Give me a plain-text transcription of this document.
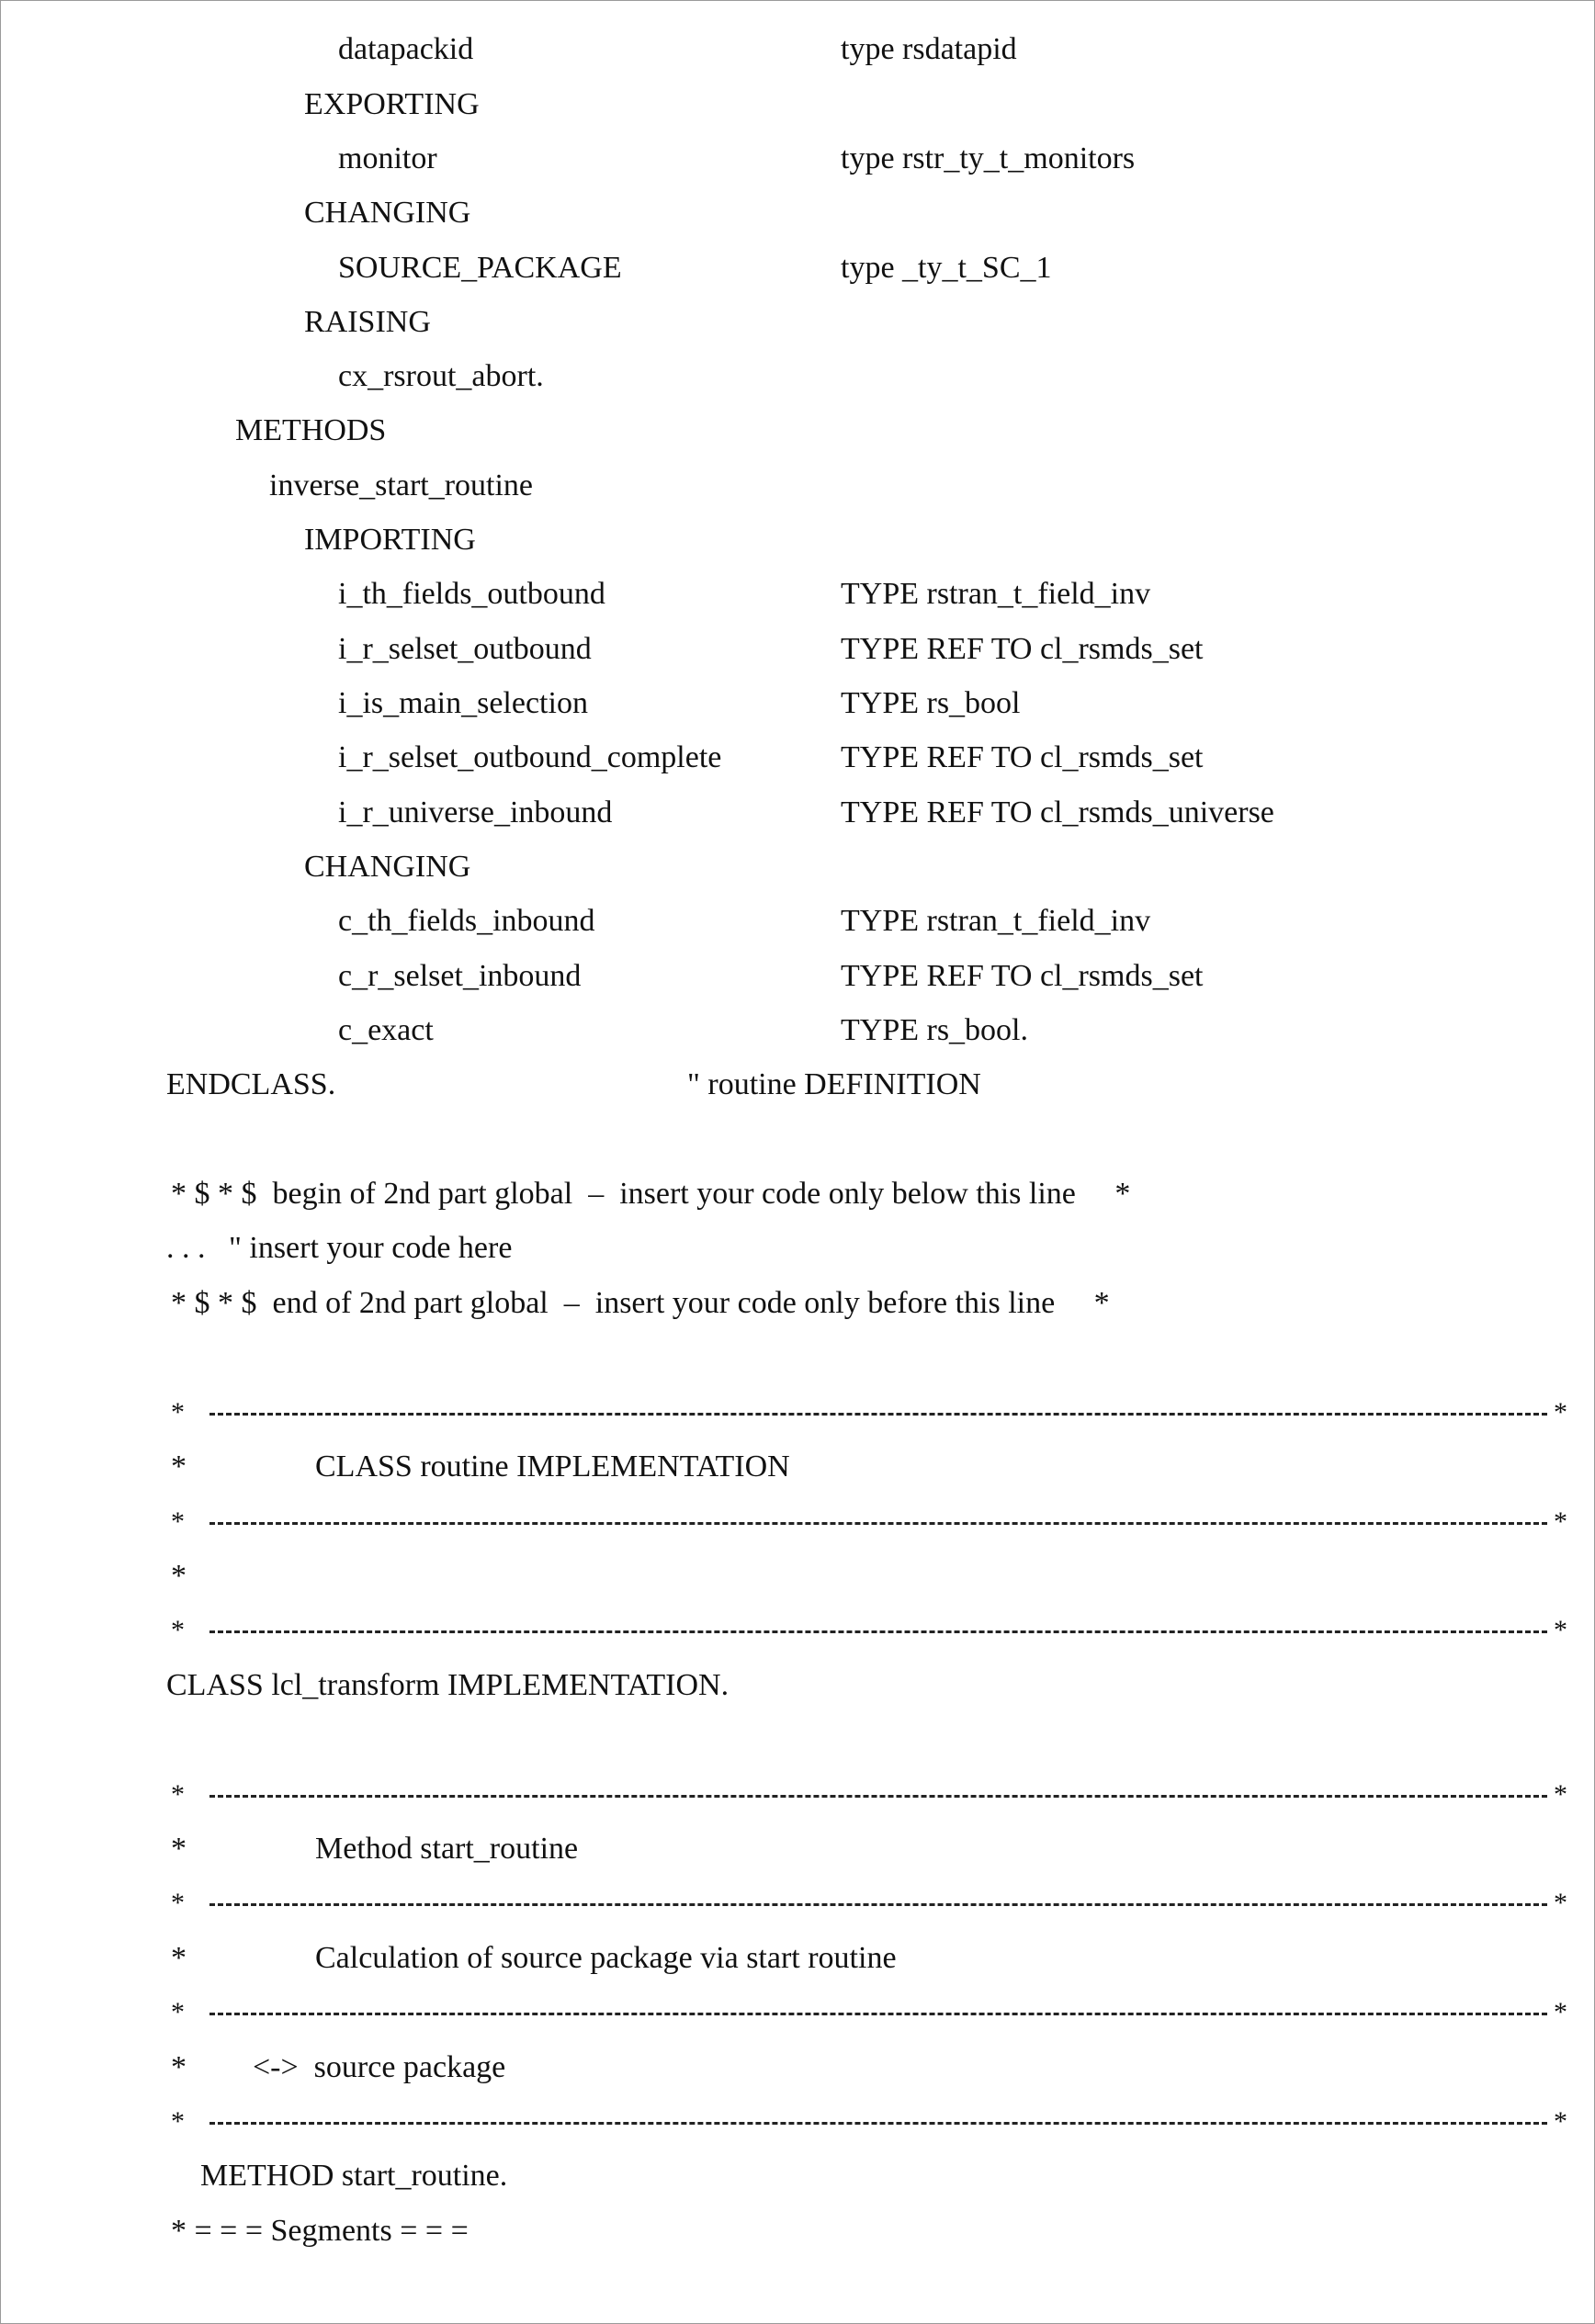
datapackid	type rsdatapid
EXPORTING
monitor	type rstr_ty_t_monitors
CHANGING
SOURCE_PACKAGE	type _ty_t_SC_1
RAISING
cx_rsrout_abort.
METHODS
inverse_start_routine
IMPORTING
i_th_fields_outbound	TYPE rstran_t_field_inv
i_r_selset_outbound	TYPE REF TO cl_rsmds_set
i_is_main_selection	TYPE rs_bool
i_r_selset_outbound_complete	TYPE REF TO cl_rsmds_set
i_r_universe_inbound	TYPE REF TO cl_rsmds_universe
CHANGING
c_th_fields_inbound	TYPE rstran_t_field_inv
c_r_selset_inbound	TYPE REF TO cl_rsmds_set
c_exact	TYPE rs_bool.
ENDCLASS.	" routine DEFINITION
* $ * $  begin of 2nd part global  –  insert your code only below this line     *
. . .   " insert your code here
* $ * $  end of 2nd part global  –  insert your code only before this line     *
*	*
*	CLASS routine IMPLEMENTATION
*	*
*
*	*
CLASS lcl_transform IMPLEMENTATION.
*	*
*	Method start_routine
*	*
*	Calculation of source package via start routine
*	*
* <->  source package
*	*
METHOD start_routine.
* = = = Segments = = =
